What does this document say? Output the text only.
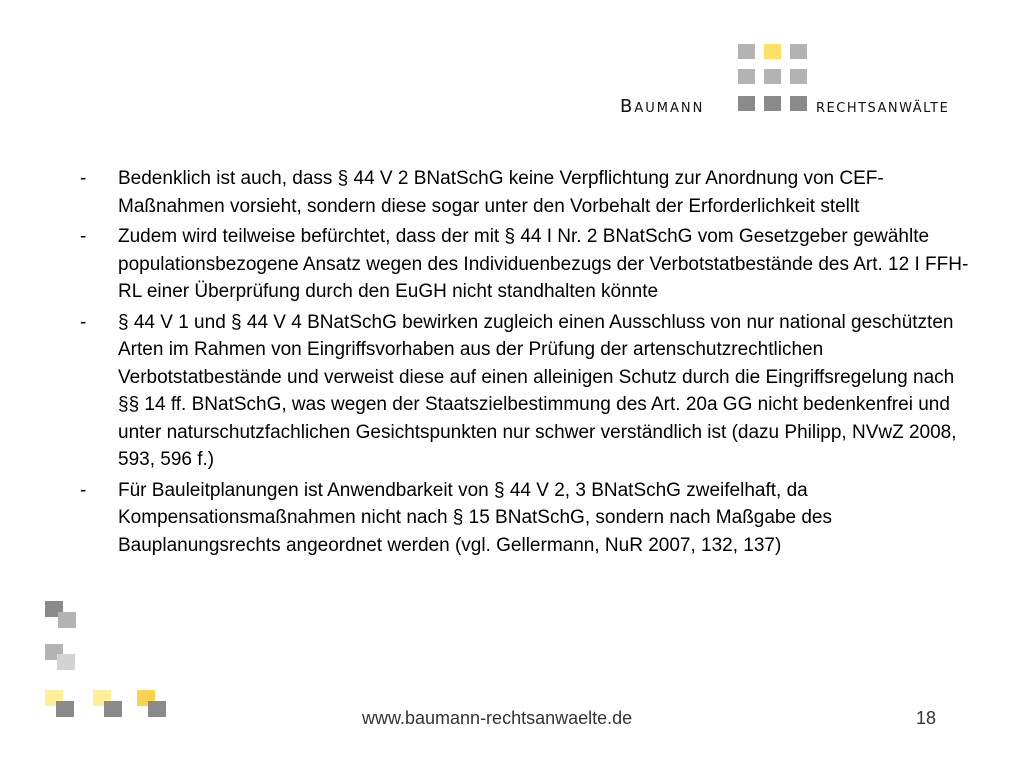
Baumann	rechtsanwälte
-	Bedenklich ist auch, dass § 44 V 2 BNatSchG keine Verpflichtung zur Anordnung von CEF-Maßnahmen vorsieht, sondern diese sogar unter den Vorbehalt der Erforderlichkeit stellt
-	Zudem wird teilweise befürchtet, dass der mit § 44 I Nr. 2 BNatSchG vom Gesetzgeber gewählte populationsbezogene Ansatz wegen des Individuenbezugs der Verbotstatbestände des Art. 12 I FFH-RL einer Überprüfung durch den EuGH nicht standhalten könnte
-	§ 44 V 1 und § 44 V 4 BNatSchG bewirken zugleich einen Ausschluss von nur national geschützten Arten im Rahmen von Eingriffsvorhaben aus der Prüfung der artenschutzrechtlichen Verbotstatbestände und verweist diese auf einen alleinigen Schutz durch die Eingriffsregelung nach §§ 14 ff. BNatSchG, was wegen der Staatszielbestimmung des Art. 20a GG nicht bedenkenfrei und unter naturschutzfachlichen Gesichtspunkten nur schwer verständlich ist (dazu Philipp, NVwZ 2008, 593, 596 f.)
-	Für Bauleitplanungen ist Anwendbarkeit von § 44 V 2, 3 BNatSchG zweifelhaft, da Kompensationsmaßnahmen nicht nach § 15 BNatSchG, sondern nach Maßgabe des Bauplanungsrechts angeordnet werden (vgl. Gellermann, NuR 2007, 132, 137)
www.baumann-rechtsanwaelte.de	18
